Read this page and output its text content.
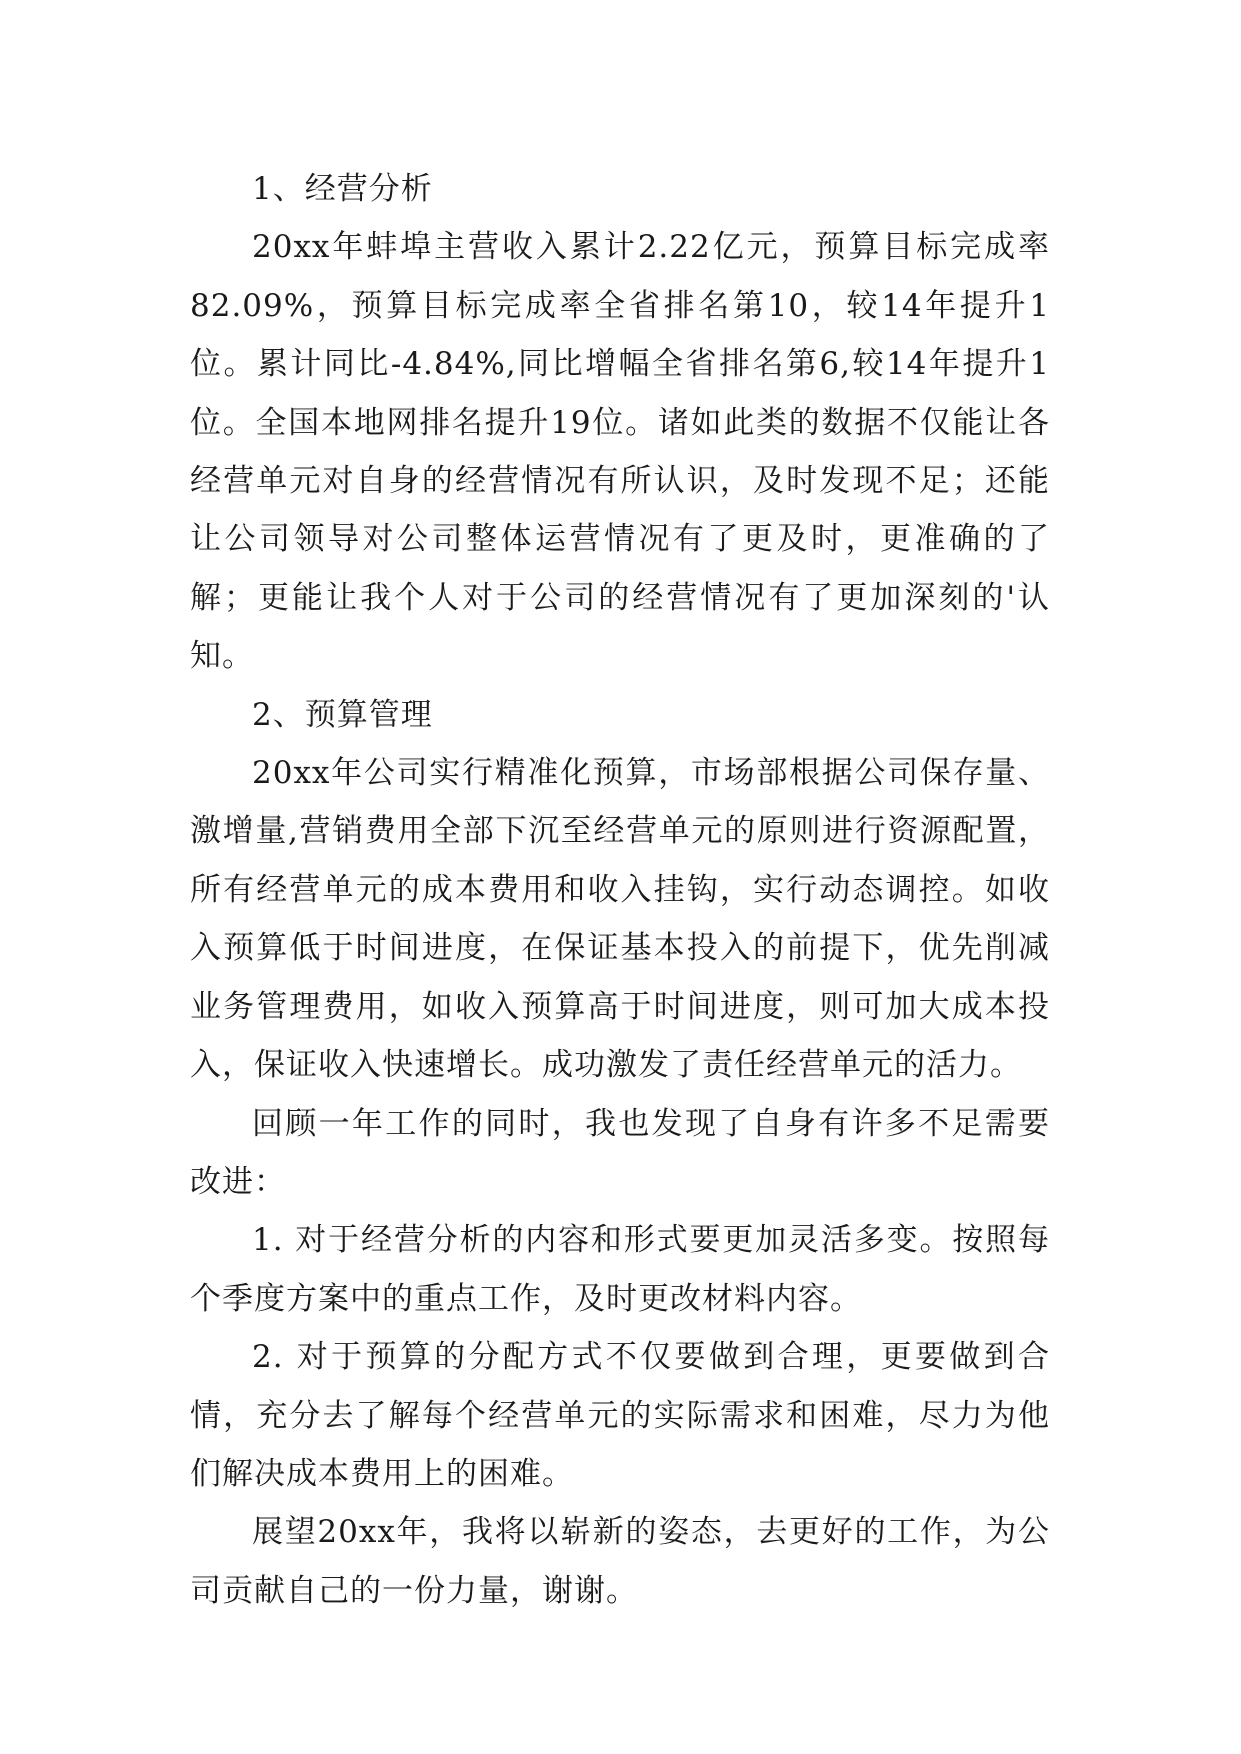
1、经营分析

20xx年蚌埠主营收入累计2.22亿元，预算目标完成率82.09%，预算目标完成率全省排名第10，较14年提升1位。累计同比-4.84%,同比增幅全省排名第6,较14年提升1位。全国本地网排名提升19位。诸如此类的数据不仅能让各经营单元对自身的经营情况有所认识，及时发现不足；还能让公司领导对公司整体运营情况有了更及时，更准确的了解；更能让我个人对于公司的经营情况有了更加深刻的'认知。

2、预算管理

20xx年公司实行精准化预算，市场部根据公司保存量、激增量,营销费用全部下沉至经营单元的原则进行资源配置，所有经营单元的成本费用和收入挂钩，实行动态调控。如收入预算低于时间进度，在保证基本投入的前提下，优先削减业务管理费用，如收入预算高于时间进度，则可加大成本投入，保证收入快速增长。成功激发了责任经营单元的活力。

回顾一年工作的同时，我也发现了自身有许多不足需要改进：

1. 对于经营分析的内容和形式要更加灵活多变。按照每个季度方案中的重点工作，及时更改材料内容。

2. 对于预算的分配方式不仅要做到合理，更要做到合情，充分去了解每个经营单元的实际需求和困难，尽力为他们解决成本费用上的困难。

展望20xx年，我将以崭新的姿态，去更好的工作，为公司贡献自己的一份力量，谢谢。
